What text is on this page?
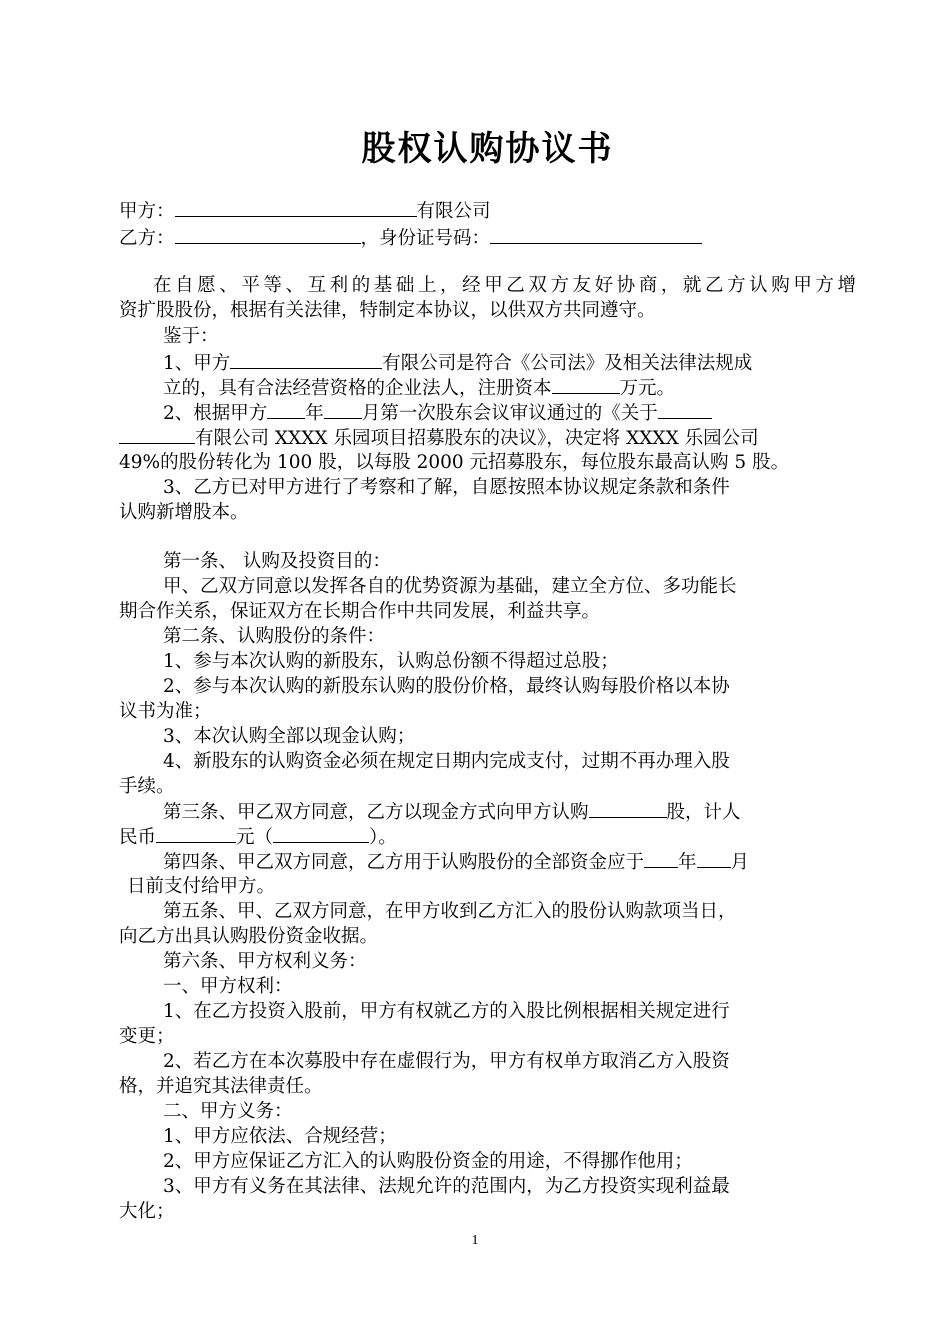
股权认购协议书
甲方：	有限公司
乙方：	，身份证号码：
在自愿、平等、互利的基础上，经甲乙双方友好协商，就乙方认购甲方增
资扩股股份，根据有关法律，特制定本协议，以供双方共同遵守。
鉴于：
1、甲方	有限公司是符合《公司法》及相关法律法规成
立的，具有合法经营资格的企业法人，注册资本	万元。
2、根据甲方 年 月第一次股东会议审议通过的《关于
有限公司 XXXX 乐园项目招募股东的决议》，决定将 XXXX 乐园公司
49%的股份转化为 100 股，以每股 2000 元招募股东，每位股东最高认购 5 股。
3、乙方已对甲方进行了考察和了解，自愿按照本协议规定条款和条件
认购新增股本。
第一条、 认购及投资目的：
甲、乙双方同意以发挥各自的优势资源为基础，建立全方位、多功能长
期合作关系，保证双方在长期合作中共同发展，利益共享。
第二条、认购股份的条件：
1、参与本次认购的新股东，认购总份额不得超过总股；
2、参与本次认购的新股东认购的股份价格，最终认购每股价格以本协
议书为准；
3、本次认购全部以现金认购；
4、新股东的认购资金必须在规定日期内完成支付，过期不再办理入股
手续。
第三条、甲乙双方同意，乙方以现金方式向甲方认购	股，计人
民币	元（	）。
第四条、甲乙双方同意，乙方用于认购股份的全部资金应于 年 月
日前支付给甲方。
第五条、甲、乙双方同意，在甲方收到乙方汇入的股份认购款项当日，
向乙方出具认购股份资金收据。
第六条、甲方权利义务：
一、甲方权利：
1、在乙方投资入股前，甲方有权就乙方的入股比例根据相关规定进行
变更；
2、若乙方在本次募股中存在虚假行为，甲方有权单方取消乙方入股资
格，并追究其法律责任。
二、甲方义务：
1、甲方应依法、合规经营；
2、甲方应保证乙方汇入的认购股份资金的用途，不得挪作他用；
3、甲方有义务在其法律、法规允许的范围内，为乙方投资实现利益最
大化；
1
